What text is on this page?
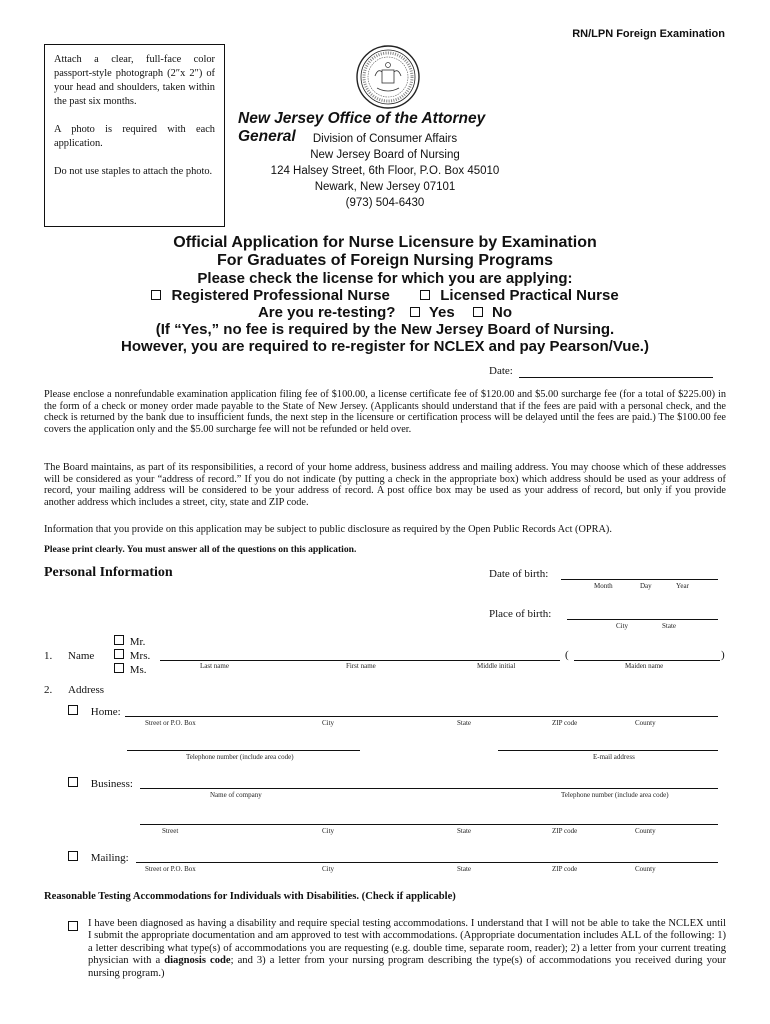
RN/LPN Foreign Examination

Attach a clear, full-face color passport-style photograph (2″x 2″) of your head and shoulders, taken within the past six months.

A photo is required with each application.

Do not use staples to attach the photo.

New Jersey Office of the Attorney General	Division of Consumer Affairs
New Jersey Board of Nursing
124 Halsey Street, 6th Floor, P.O. Box 45010
Newark, New Jersey 07101
(973) 504-6430
Official Application for Nurse Licensure by Examination
For Graduates of Foreign Nursing Programs
Please check the license for which you are applying:
Registered Professional Nurse	Licensed Practical Nurse
Are you re-testing? Yes No
(If “Yes,” no fee is required by the New Jersey Board of Nursing.
However, you are required to re-register for NCLEX and pay Pearson/Vue.)
Date:
Please enclose a nonrefundable examination application filing fee of $100.00, a license certificate fee of $120.00 and $5.00 surcharge fee (for a total of $225.00) in the form of a check or money order made payable to the State of New Jersey. (Applicants should understand that if the fees are paid with a personal check, and the check is returned by the bank due to insufficient funds, the next step in the licensure or certification process will be delayed until the fees are paid.) The $100.00 fee covers the application only and the $5.00 surcharge fee will not be refunded or held over.
The Board maintains, as part of its responsibilities, a record of your home address, business address and mailing address. You may choose which of these addresses will be considered as your “address of record.” If you do not indicate (by putting a check in the appropriate box) which address should be used as your address of record, your mailing address will be considered to be your address of record. A post office box may be used as your address of record, but only if you provide another address which includes a street, city, state and ZIP code.
Information that you provide on this application may be subject to public disclosure as required by the Open Public Records Act (OPRA).
Please print clearly. You must answer all of the questions on this application.
Personal Information	Date of birth:
Month	Day	Year
Place of birth:
City	State
1. Name
Mr.
Mrs.
Ms.
(	)
Last name	First name	Middle initial	Maiden name
2. Address
Home:
Street or P.O. Box	City	State	ZIP code	County
Telephone number (include area code)	E-mail address
Business:
Name of company	Telephone number (include area code)
Street	City	State	ZIP code	County
Mailing:
Street or P.O. Box	City	State	ZIP code	County
Reasonable Testing Accommodations for Individuals with Disabilities. (Check if applicable)
I have been diagnosed as having a disability and require special testing accommodations. I understand that I will not be able to take the NCLEX until I submit the appropriate documentation and am approved to test with accommodations. (Appropriate documentation includes ALL of the following: 1) a letter describing what type(s) of accommodations you are requesting (e.g. double time, separate room, reader); 2) a letter from your current treating physician with a diagnosis code; and 3) a letter from your nursing program describing the type(s) of accommodations you received during your nursing program.)
